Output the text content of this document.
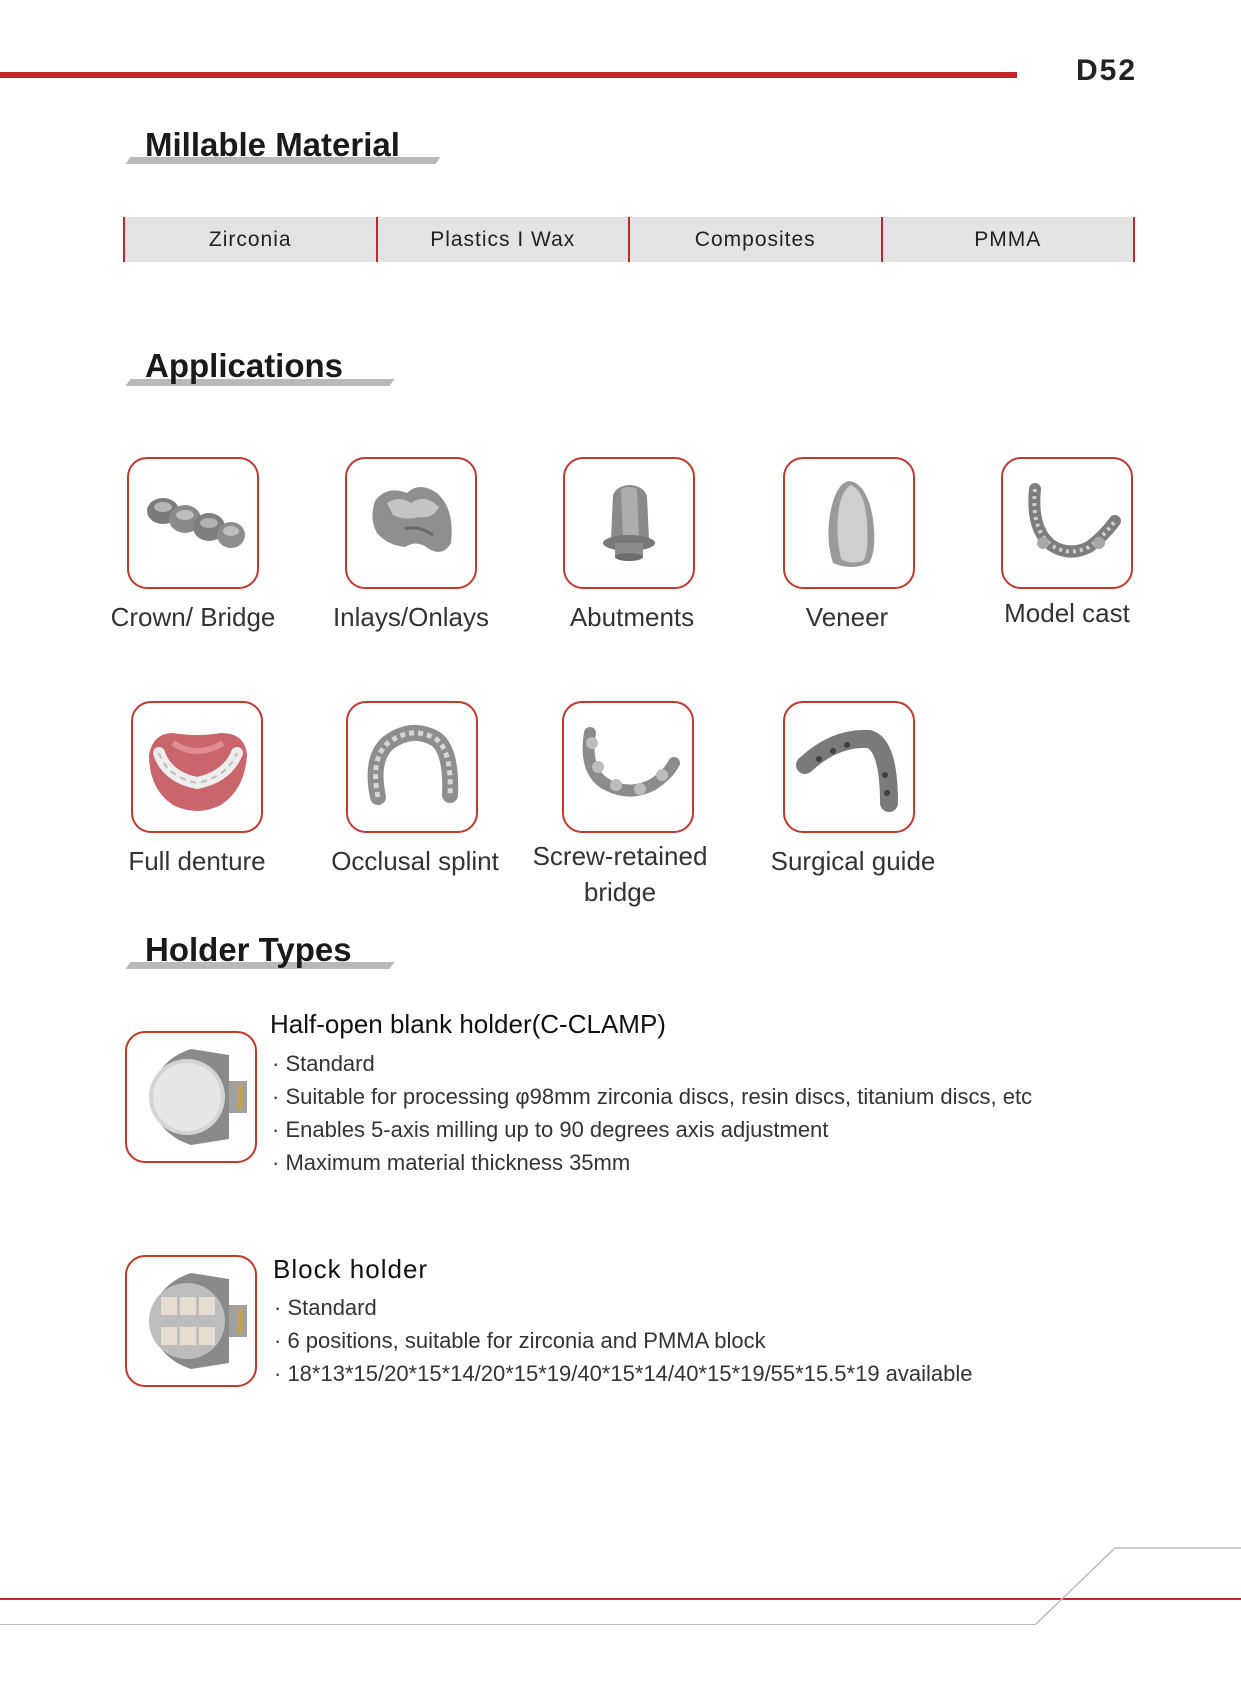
D52
Millable Material
Zirconia	Plastics I Wax	Composites	PMMA
Applications
Crown/ Bridge	Inlays/Onlays	Abutments	Veneer	Model cast
Full denture	Occlusal splint	Screw-retained bridge
Surgical guide
Holder Types
Half-open blank holder(C-CLAMP)
· Standard
· Suitable for processing φ98mm zirconia discs, resin discs, titanium discs, etc
· Enables 5-axis milling up to 90 degrees axis adjustment
· Maximum material thickness 35mm
Block holder
· Standard
· 6 positions, suitable for zirconia and PMMA block
· 18*13*15/20*15*14/20*15*19/40*15*14/40*15*19/55*15.5*19 available
